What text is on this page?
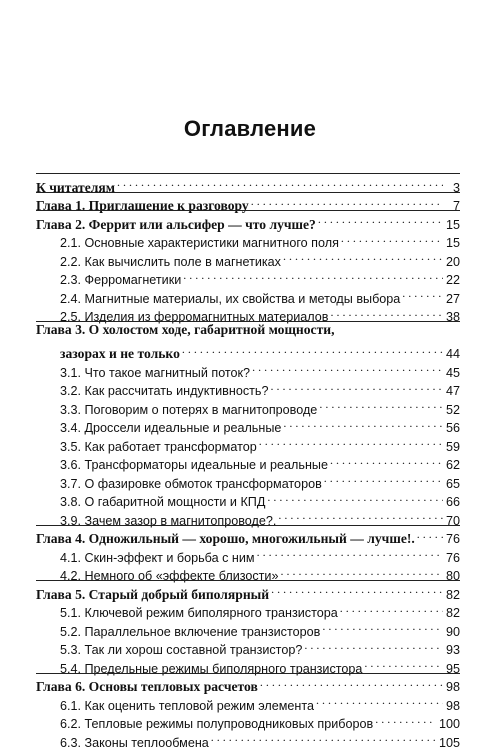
Оглавление
К читателям . . .	3
Глава 1. Приглашение к разговору . . .	7
Глава 2. Феррит или альсифер — что лучше? . . .	15
2.1. Основные характеристики магнитного поля . . .	15
2.2. Как вычислить поле в магнетиках . . .	20
2.3. Ферромагнетики . . .	22
2.4. Магнитные материалы, их свойства и методы выбора . . .	27
2.5. Изделия из ферромагнитных материалов . . .	38
Глава 3. О холостом ходе, габаритной мощности,
зазорах и не только . . .	44
3.1. Что такое магнитный поток? . . .	45
3.2. Как рассчитать индуктивность? . . .	47
3.3. Поговорим о потерях в магнитопроводе . . .	52
3.4. Дроссели идеальные и реальные . . .	56
3.5. Как работает трансформатор . . .	59
3.6. Трансформаторы идеальные и реальные . . .	62
3.7. О фазировке обмоток трансформаторов . . .	65
3.8. О габаритной мощности и КПД . . .	66
3.9. Зачем зазор в магнитопроводе?. . . .	70
Глава 4. Одножильный — хорошо, многожильный — лучше!. . . . 76
4.1. Скин-эффект и борьба с ним . . .	76
4.2. Немного об «эффекте близости» . . .	80
Глава 5. Старый добрый биполярный . . .	82
5.1. Ключевой режим биполярного транзистора . . .	82
5.2. Параллельное включение транзисторов . . .	90
5.3. Так ли хорош составной транзистор? . . .	93
5.4. Предельные режимы биполярного транзистора . . .	95
Глава 6. Основы тепловых расчетов . . .	98
6.1. Как оценить тепловой режим элемента . . .	98
6.2. Тепловые режимы полупроводниковых приборов . . .	100
6.3. Законы теплообмена . . .	105
